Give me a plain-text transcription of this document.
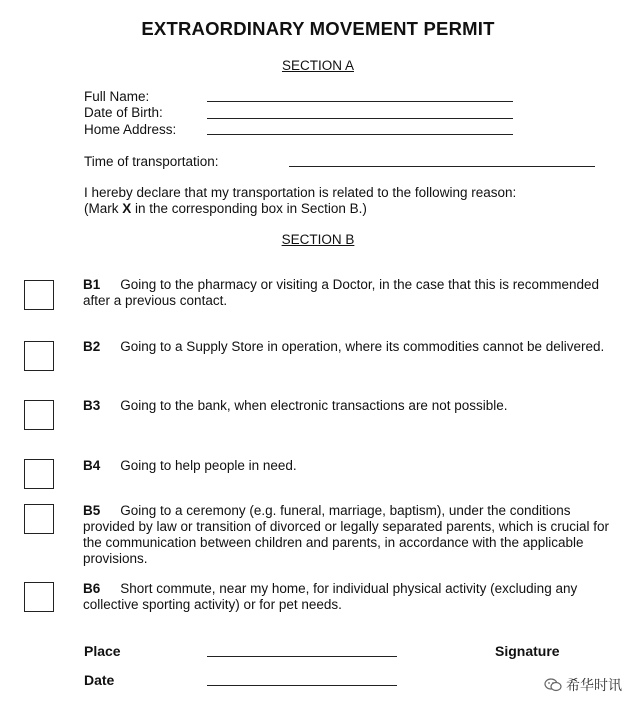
EXTRAORDINARY MOVEMENT PERMIT
SECTION A
Full Name:
Date of Birth:
Home Address:
Time of transportation:
I hereby declare that my transportation is related to the following reason:
(Mark X in the corresponding box in Section B.)
SECTION B
B1 Going to the pharmacy or visiting a Doctor, in the case that this is recommended after a previous contact.
B2 Going to a Supply Store in operation, where its commodities cannot be delivered.
B3 Going to the bank, when electronic transactions are not possible.
B4 Going to help people in need.
B5 Going to a ceremony (e.g. funeral, marriage, baptism), under the conditions provided by law or transition of divorced or legally separated parents, which is crucial for the communication between children and parents, in accordance with the applicable provisions.
B6 Short commute, near my home, for individual physical activity (excluding any collective sporting activity) or for pet needs.
Place	Signature
Date	希华时讯
